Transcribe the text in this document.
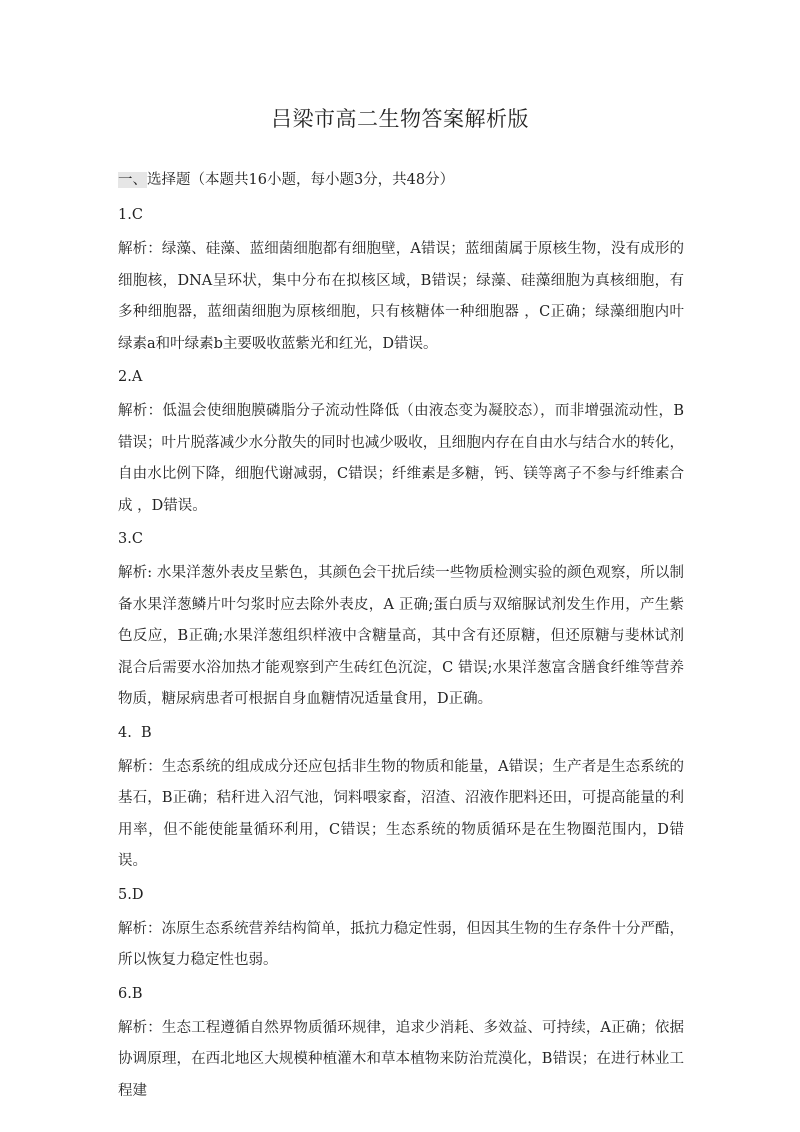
吕梁市高二生物答案解析版
一、选择题（本题共16小题，每小题3分，共48分）
1.C
解析：绿藻、硅藻、蓝细菌细胞都有细胞壁，A错误；蓝细菌属于原核生物，没有成形的细胞核，DNA呈环状，集中分布在拟核区域，B错误；绿藻、硅藻细胞为真核细胞，有多种细胞器，蓝细菌细胞为原核细胞，只有核糖体一种细胞器 ，C正确；绿藻细胞内叶绿素a和叶绿素b主要吸收蓝紫光和红光，D错误。
2.A
解析：低温会使细胞膜磷脂分子流动性降低（由液态变为凝胶态），而非增强流动性，B错误；叶片脱落减少水分散失的同时也减少吸收，且细胞内存在自由水与结合水的转化，自由水比例下降，细胞代谢减弱，C错误；纤维素是多糖，钙、镁等离子不参与纤维素合成 ，D错误。
3.C
解析: 水果洋葱外表皮呈紫色，其颜色会干扰后续一些物质检测实验的颜色观察，所以制备水果洋葱鳞片叶匀浆时应去除外表皮，A 正确;蛋白质与双缩脲试剂发生作用，产生紫色反应，B正确;水果洋葱组织样液中含糖量高，其中含有还原糖，但还原糖与斐林试剂混合后需要水浴加热才能观察到产生砖红色沉淀，C 错误;水果洋葱富含膳食纤维等营养物质，糖尿病患者可根据自身血糖情况适量食用，D正确。
4.  B
解析：生态系统的组成成分还应包括非生物的物质和能量，A错误；生产者是生态系统的基石，B正确；秸秆进入沼气池，饲料喂家畜，沼渣、沼液作肥料还田，可提高能量的利用率，但不能使能量循环利用，C错误；生态系统的物质循环是在生物圈范围内，D错误。
5.D
解析：冻原生态系统营养结构简单，抵抗力稳定性弱，但因其生物的生存条件十分严酷，所以恢复力稳定性也弱。
6.B
解析：生态工程遵循自然界物质循环规律，追求少消耗、多效益、可持续，A正确；依据协调原理，在西北地区大规模种植灌木和草本植物来防治荒漠化，B错误；在进行林业工程建
